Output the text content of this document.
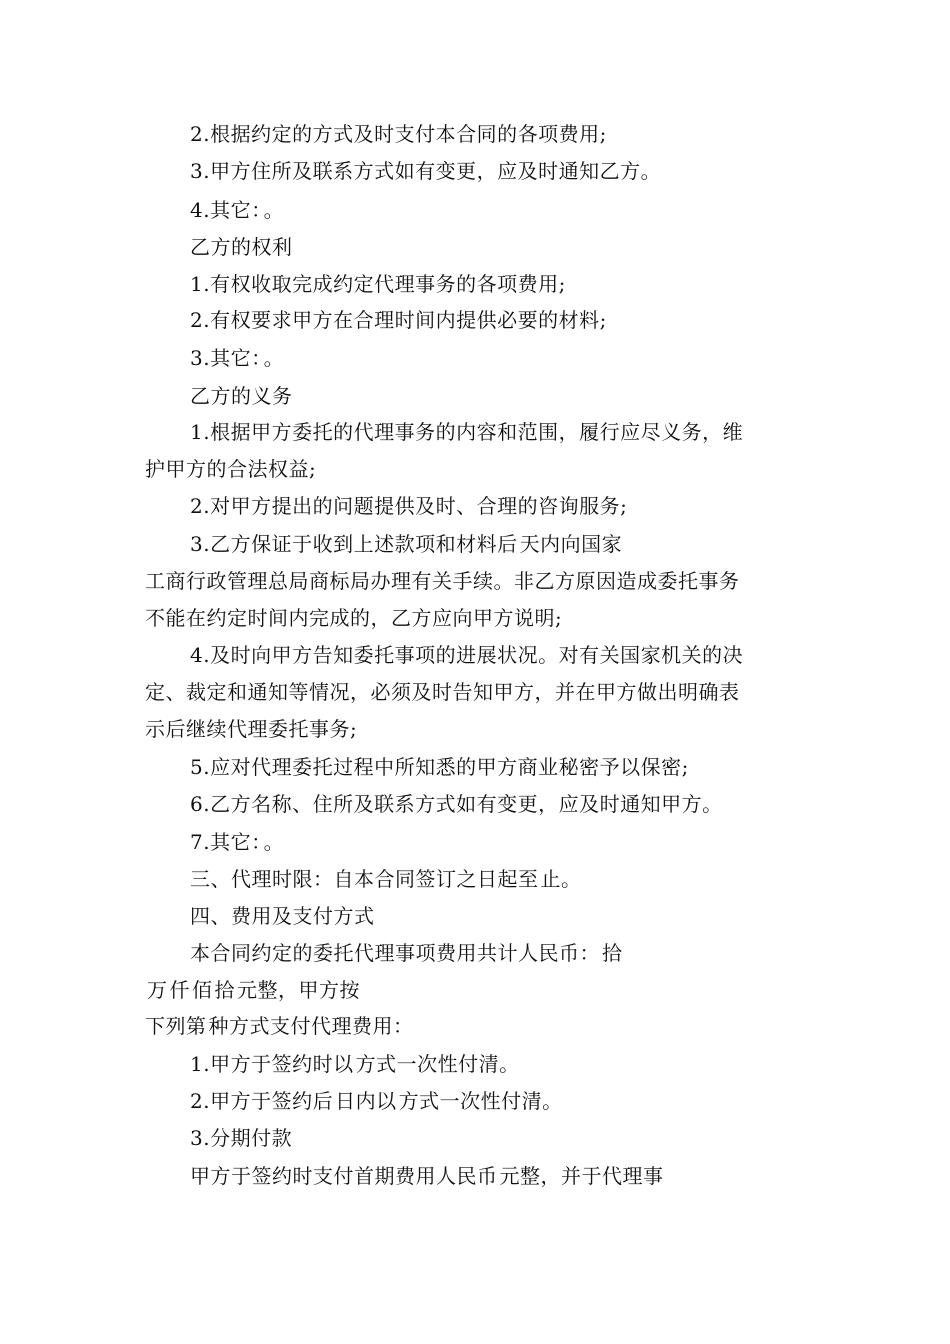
2.根据约定的方式及时支付本合同的各项费用;
3.甲方住所及联系方式如有变更，应及时通知乙方。
4.其它： 。
乙方的权利
1.有权收取完成约定代理事务的各项费用;
2.有权要求甲方在合理时间内提供必要的材料;
3.其它： 。
乙方的义务
1.根据甲方委托的代理事务的内容和范围，履行应尽义务，维
护甲方的合法权益;
2.对甲方提出的问题提供及时、合理的咨询服务;
3.乙方保证于收到上述款项和材料后 天内向国家
工商行政管理总局商标局办理有关手续。非乙方原因造成委托事务
不能在约定时间内完成的，乙方应向甲方说明;
4.及时向甲方告知委托事项的进展状况。对有关国家机关的决
定、裁定和通知等情况，必须及时告知甲方，并在甲方做出明确表
示后继续代理委托事务;
5.应对代理委托过程中所知悉的甲方商业秘密予以保密;
6.乙方名称、住所及联系方式如有变更，应及时通知甲方。
7.其它： 。
三、代理时限：自本合同签订之日起至 止。
四、费用及支付方式
本合同约定的委托代理事项费用共计人民币： 拾
万 仟 佰 拾 元整，甲方按
下列第 种方式支付代理费用：
1.甲方于签约时以 方式一次性付清。
2.甲方于签约后 日内以 方式一次性付清。
3.分期付款
甲方于签约时支付首期费用人民币 元整，并于代理事
